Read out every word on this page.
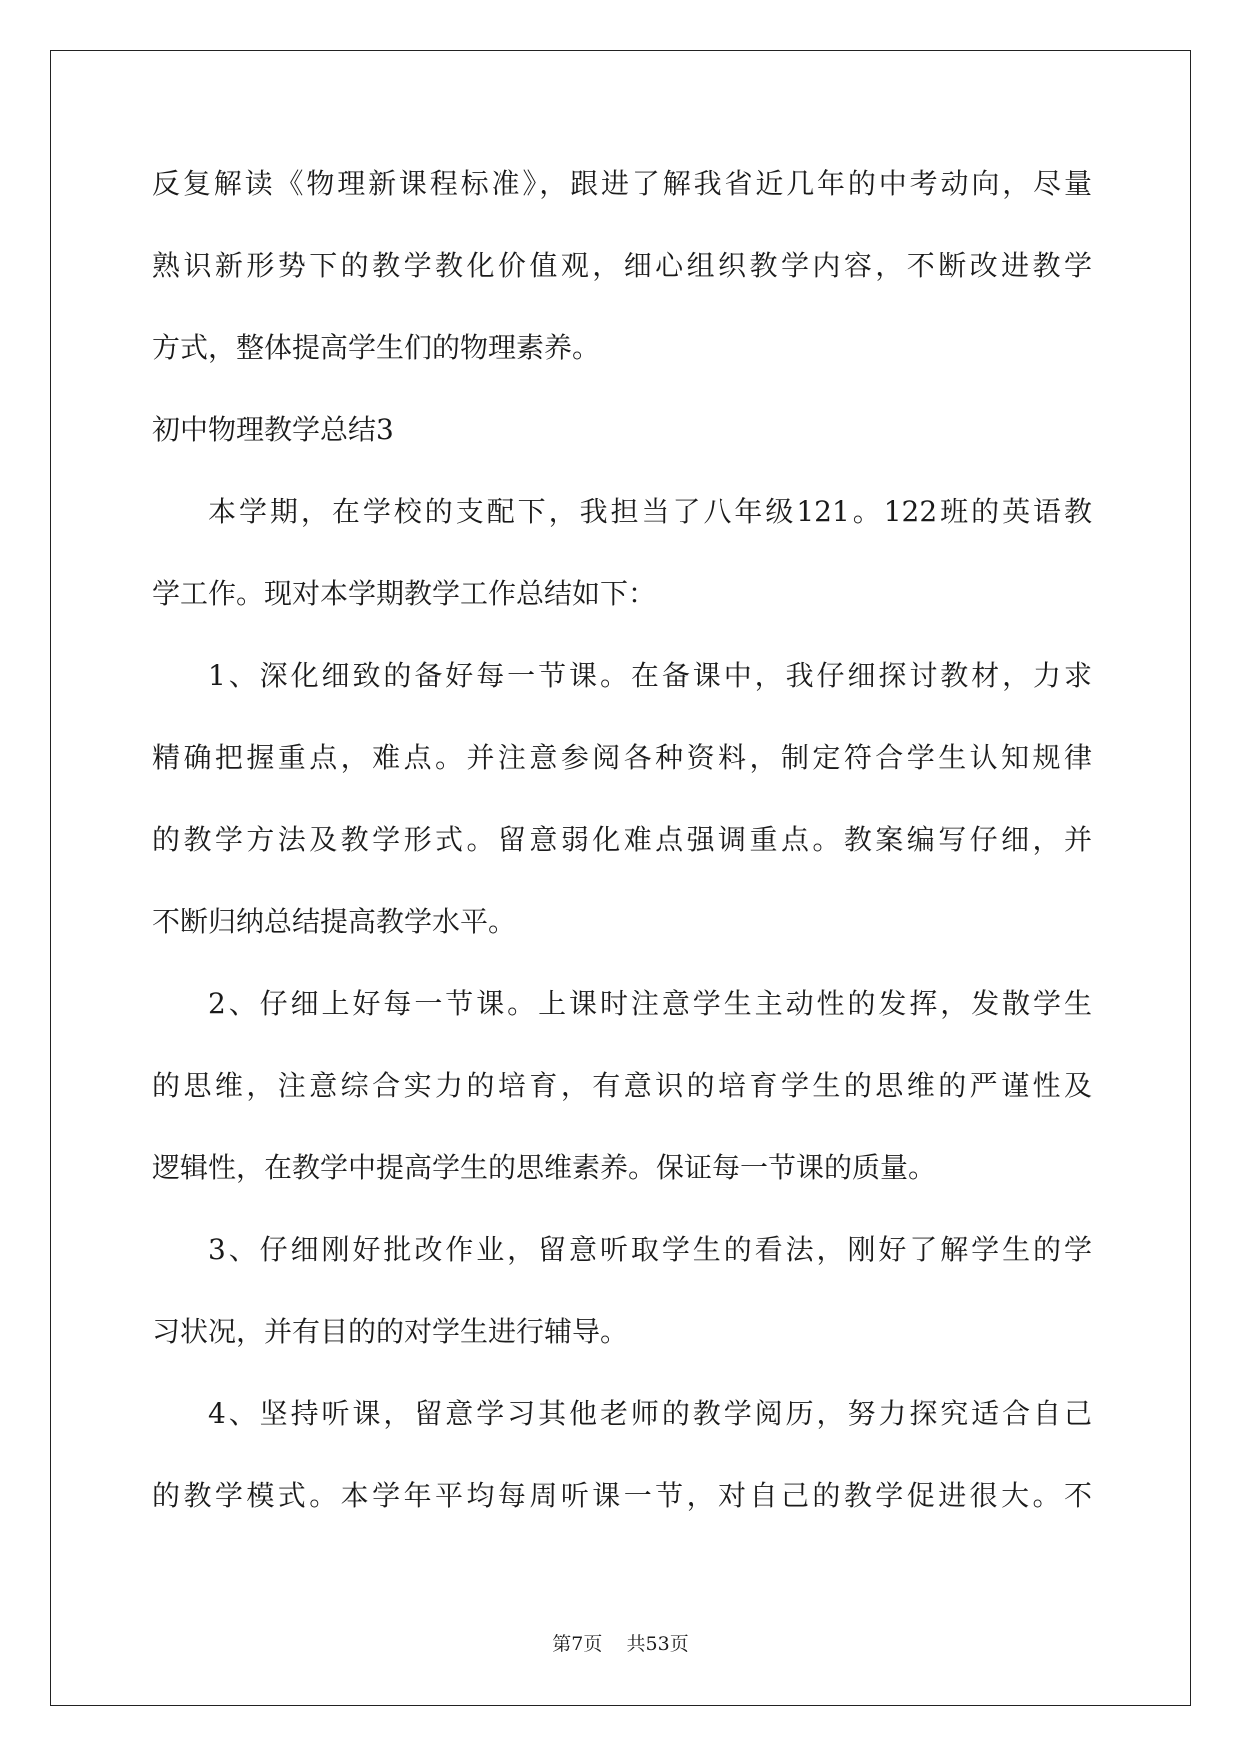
反复解读《物理新课程标准》，跟进了解我省近几年的中考动向，尽量

熟识新形势下的教学教化价值观，细心组织教学内容，不断改进教学

方式，整体提高学生们的物理素养。

初中物理教学总结3

本学期，在学校的支配下，我担当了八年级121。122班的英语教

学工作。现对本学期教学工作总结如下：

1、深化细致的备好每一节课。在备课中，我仔细探讨教材，力求

精确把握重点，难点。并注意参阅各种资料，制定符合学生认知规律

的教学方法及教学形式。留意弱化难点强调重点。教案编写仔细，并

不断归纳总结提高教学水平。

2、仔细上好每一节课。上课时注意学生主动性的发挥，发散学生

的思维，注意综合实力的培育，有意识的培育学生的思维的严谨性及

逻辑性，在教学中提高学生的思维素养。保证每一节课的质量。

3、仔细刚好批改作业，留意听取学生的看法，刚好了解学生的学

习状况，并有目的的对学生进行辅导。

4、坚持听课，留意学习其他老师的教学阅历，努力探究适合自己

的教学模式。本学年平均每周听课一节，对自己的教学促进很大。不

第7页 共53页
